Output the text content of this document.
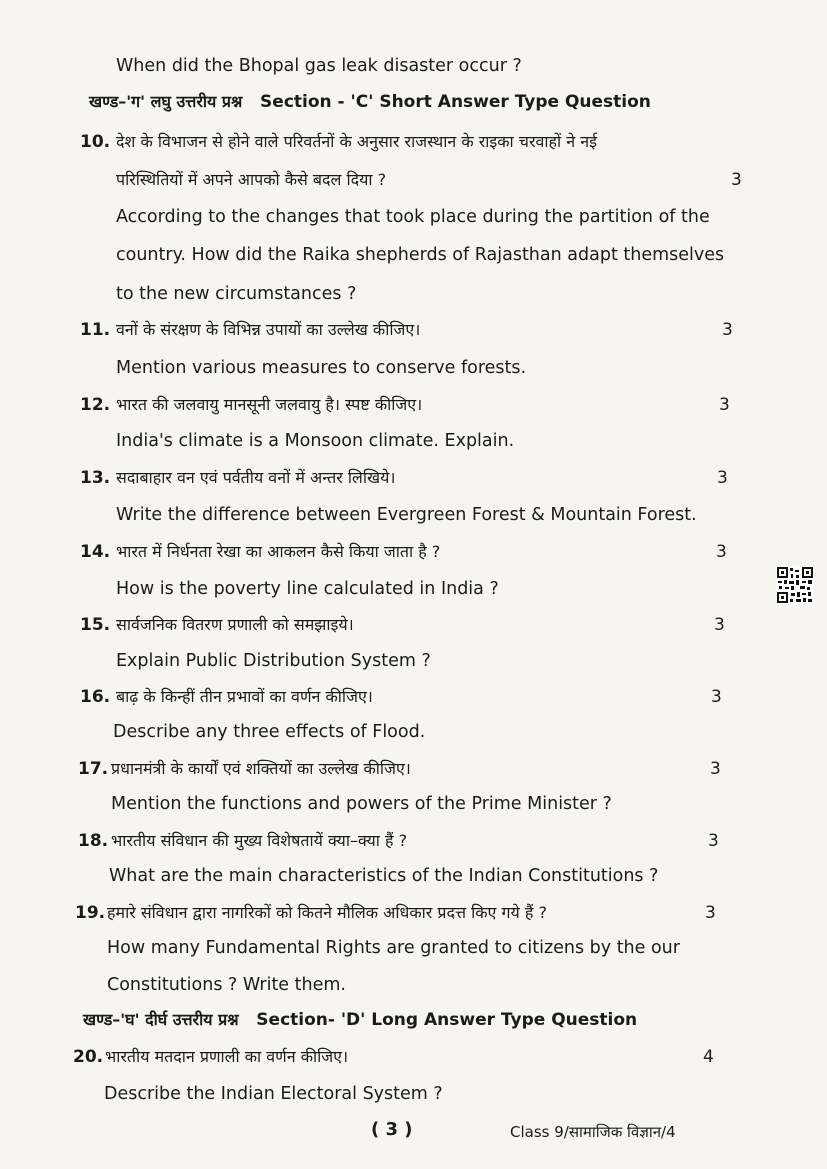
When did the Bhopal gas leak disaster occur ?
खण्ड–'ग' लघु उत्तरीय प्रश्न Section - 'C' Short Answer Type Question
10. देश के विभाजन से होने वाले परिवर्तनों के अनुसार राजस्थान के राइका चरवाहों ने नई
परिस्थितियों में अपने आपको कैसे बदल दिया ?	3
According to the changes that took place during the partition of the
country. How did the Raika shepherds of Rajasthan adapt themselves
to the new circumstances ?
11. वनों के संरक्षण के विभिन्न उपायों का उल्लेख कीजिए।	3
Mention various measures to conserve forests.
12. भारत की जलवायु मानसूनी जलवायु है। स्पष्ट कीजिए।	3
India's climate is a Monsoon climate. Explain.
13. सदाबाहार वन एवं पर्वतीय वनों में अन्तर लिखिये।	3
Write the difference between Evergreen Forest & Mountain Forest.
14. भारत में निर्धनता रेखा का आकलन कैसे किया जाता है ?	3
How is the poverty line calculated in India ?
15. सार्वजनिक वितरण प्रणाली को समझाइये।	3
Explain Public Distribution System ?
16. बाढ़ के किन्हीं तीन प्रभावों का वर्णन कीजिए।	3
Describe any three effects of Flood.
17. प्रधानमंत्री के कार्यों एवं शक्तियों का उल्लेख कीजिए।	3
Mention the functions and powers of the Prime Minister ?
18. भारतीय संविधान की मुख्य विशेषतायें क्या–क्या हैं ?	3
What are the main characteristics of the Indian Constitutions ?
19. हमारे संविधान द्वारा नागरिकों को कितने मौलिक अधिकार प्रदत्त किए गये हैं ?	3
How many Fundamental Rights are granted to citizens by the our
Constitutions ? Write them.
खण्ड–'घ' दीर्घ उत्तरीय प्रश्न Section- 'D' Long Answer Type Question
20. भारतीय मतदान प्रणाली का वर्णन कीजिए।	4
Describe the Indian Electoral System ?
( 3 )	Class 9/सामाजिक विज्ञान/4
